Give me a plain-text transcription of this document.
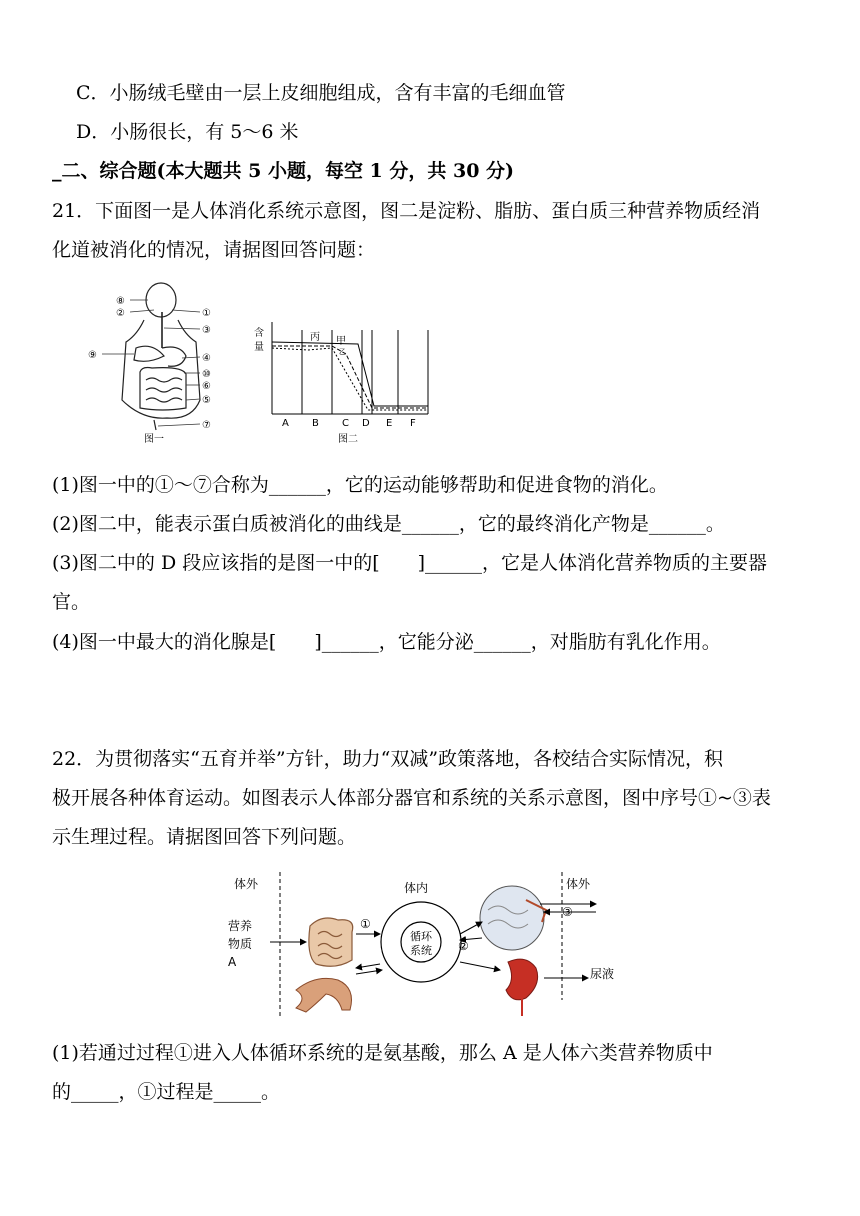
C．小肠绒毛壁由一层上皮细胞组成，含有丰富的毛细血管
D．小肠很长，有 5～6 米
_二、综合题(本大题共 5 小题，每空 1 分，共 30 分)
21．下面图一是人体消化系统示意图，图二是淀粉、脂肪、蛋白质三种营养物质经消
化道被消化的情况，请据图回答问题：
⑧
②	①
③
⑨	④
⑩
⑥
⑤
⑦
图一
含
量
丙 甲
乙
A B C D E F
图二
(1)图一中的①～⑦合称为______，它的运动能够帮助和促进食物的消化。
(2)图二中，能表示蛋白质被消化的曲线是______，它的最终消化产物是______。
(3)图二中的 D 段应该指的是图一中的[　　]______，它是人体消化营养物质的主要器
官。
(4)图一中最大的消化腺是[　　]______，它能分泌______，对脂肪有乳化作用。
22．为贯彻落实“五育并举”方针，助力“双减”政策落地，各校结合实际情况，积
极开展各种体育运动。如图表示人体部分器官和系统的关系示意图，图中序号①~③表
示生理过程。请据图回答下列问题。
体外	体内	体外
营养
物质
A
尿液
循环
系统
①
②
③
(1)若通过过程①进入人体循环系统的是氨基酸，那么 A 是人体六类营养物质中
的_____，①过程是_____。
